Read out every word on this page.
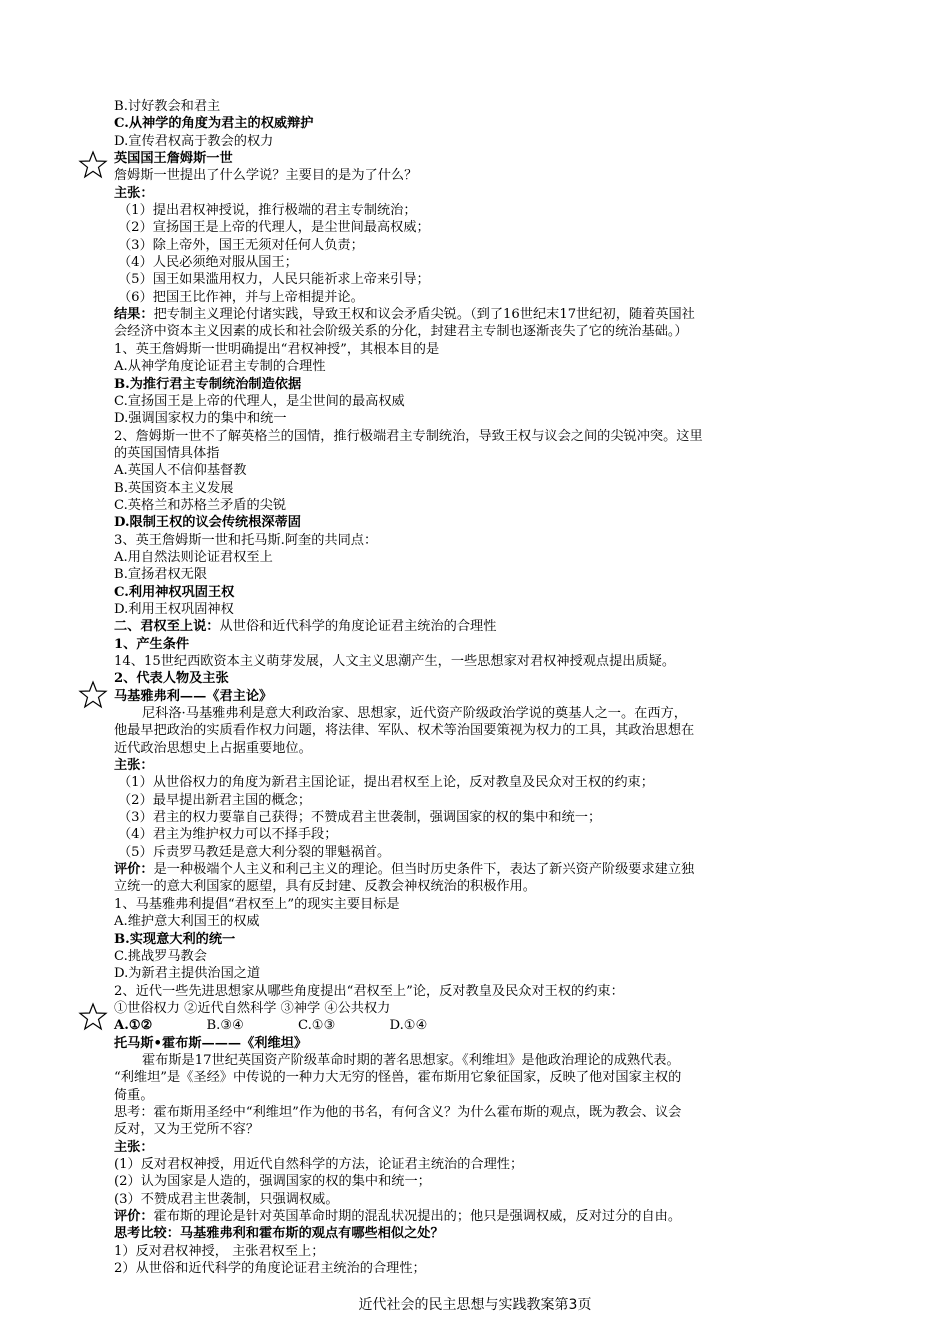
B.讨好教会和君主
C.从神学的角度为君主的权威辩护
D.宣传君权高于教会的权力
英国国王詹姆斯一世
詹姆斯一世提出了什么学说？主要目的是为了什么？
主张：
（1）提出君权神授说，推行极端的君主专制统治；
（2）宣扬国王是上帝的代理人，是尘世间最高权威；
（3）除上帝外，国王无须对任何人负责；
（4）人民必须绝对服从国王；
（5）国王如果滥用权力，人民只能祈求上帝来引导；
（6）把国王比作神，并与上帝相提并论。
结果：把专制主义理论付诸实践，导致王权和议会矛盾尖锐。（到了16世纪末17世纪初，随着英国社
会经济中资本主义因素的成长和社会阶级关系的分化，封建君主专制也逐渐丧失了它的统治基础。）
1、英王詹姆斯一世明确提出“君权神授”，其根本目的是
A.从神学角度论证君主专制的合理性
B.为推行君主专制统治制造依据
C.宣扬国王是上帝的代理人，是尘世间的最高权威
D.强调国家权力的集中和统一
2、詹姆斯一世不了解英格兰的国情，推行极端君主专制统治，导致王权与议会之间的尖锐冲突。这里
的英国国情具体指
A.英国人不信仰基督教
B.英国资本主义发展
C.英格兰和苏格兰矛盾的尖锐
D.限制王权的议会传统根深蒂固
3、英王詹姆斯一世和托马斯.阿奎的共同点：
A.用自然法则论证君权至上
B.宣扬君权无限
C.利用神权巩固王权
D.利用王权巩固神权
二、君权至上说：从世俗和近代科学的角度论证君主统治的合理性
1、产生条件
14、15世纪西欧资本主义萌芽发展，人文主义思潮产生，一些思想家对君权神授观点提出质疑。
2、代表人物及主张
马基雅弗利——《君主论》
尼科洛·马基雅弗利是意大利政治家、思想家，近代资产阶级政治学说的奠基人之一。在西方，
他最早把政治的实质看作权力问题，将法律、军队、权术等治国要策视为权力的工具，其政治思想在
近代政治思想史上占据重要地位。
主张：
（1）从世俗权力的角度为新君主国论证，提出君权至上论，反对教皇及民众对王权的约束；
（2）最早提出新君主国的概念；
（3）君主的权力要靠自己获得；不赞成君主世袭制，强调国家的权的集中和统一；
（4）君主为维护权力可以不择手段；
（5）斥责罗马教廷是意大利分裂的罪魁祸首。
评价：是一种极端个人主义和利己主义的理论。但当时历史条件下，表达了新兴资产阶级要求建立独
立统一的意大利国家的愿望，具有反封建、反教会神权统治的积极作用。
1、马基雅弗利提倡“君权至上”的现实主要目标是
A.维护意大利国王的权威
B.实现意大利的统一
C.挑战罗马教会
D.为新君主提供治国之道
2、近代一些先进思想家从哪些角度提出“君权至上”论，反对教皇及民众对王权的约束：
①世俗权力 ②近代自然科学 ③神学 ④公共权力
A.①②	B.③④	C.①③	D.①④
托马斯•霍布斯———《利维坦》
霍布斯是17世纪英国资产阶级革命时期的著名思想家。《利维坦》是他政治理论的成熟代表。
“利维坦”是《圣经》中传说的一种力大无穷的怪兽，霍布斯用它象征国家，反映了他对国家主权的
倚重。
思考：霍布斯用圣经中“利维坦”作为他的书名，有何含义？为什么霍布斯的观点，既为教会、议会
反对，又为王党所不容？
主张：
(1）反对君权神授，用近代自然科学的方法，论证君主统治的合理性；
(2）认为国家是人造的，强调国家的权的集中和统一；
(3）不赞成君主世袭制，只强调权威。
评价：霍布斯的理论是针对英国革命时期的混乱状况提出的；他只是强调权威，反对过分的自由。
思考比较：马基雅弗利和霍布斯的观点有哪些相似之处？
1）反对君权神授， 主张君权至上；
2）从世俗和近代科学的角度论证君主统治的合理性；
近代社会的民主思想与实践教案第3页
